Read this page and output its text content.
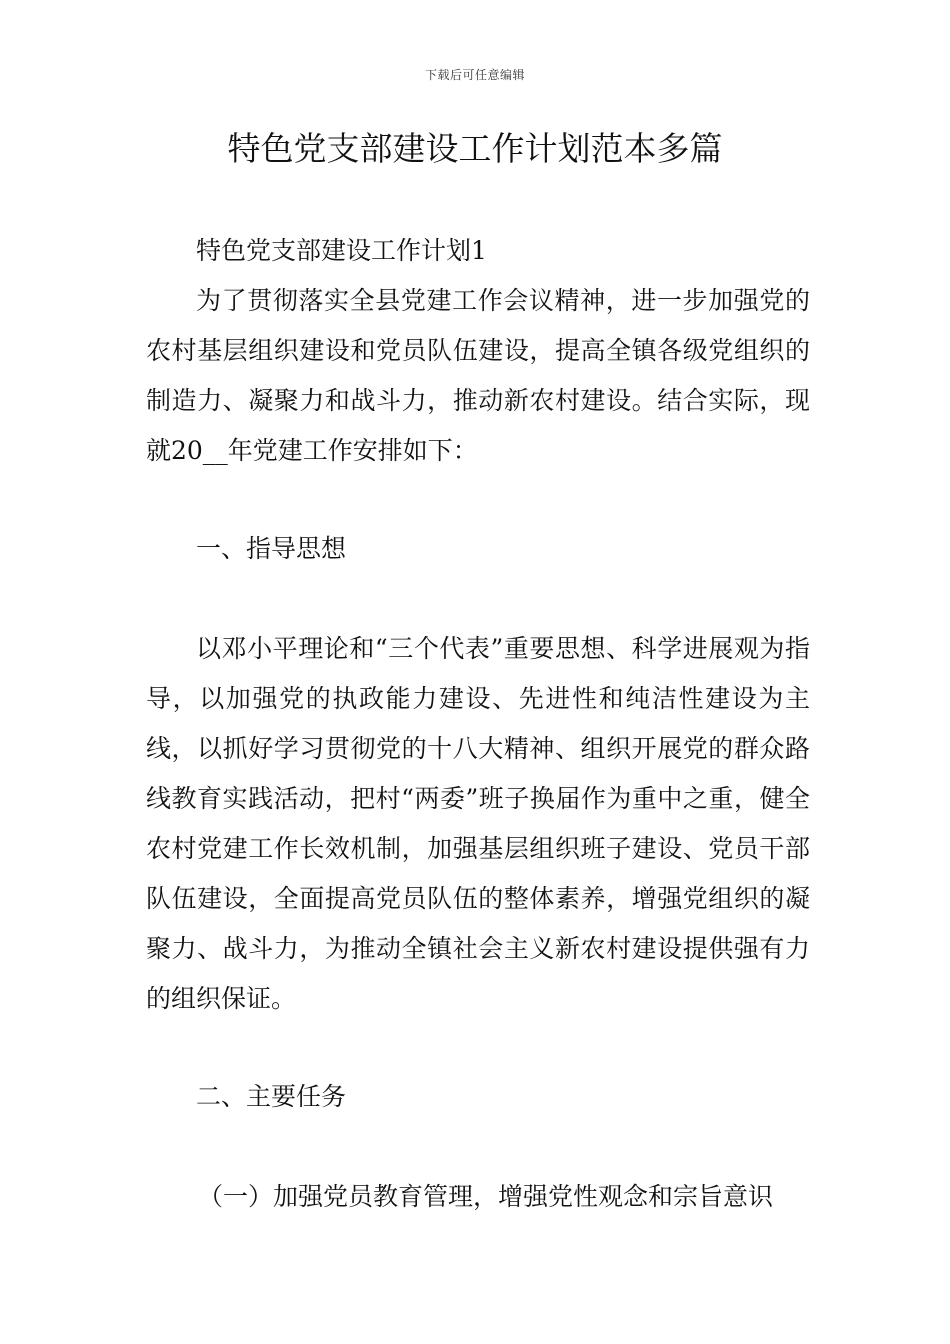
下载后可任意编辑
特色党支部建设工作计划范本多篇

特色党支部建设工作计划1

为了贯彻落实全县党建工作会议精神，进一步加强党的农村基层组织建设和党员队伍建设，提高全镇各级党组织的制造力、凝聚力和战斗力，推动新农村建设。结合实际，现就20__年党建工作安排如下：

一、指导思想

以邓小平理论和“三个代表”重要思想、科学进展观为指导，以加强党的执政能力建设、先进性和纯洁性建设为主线，以抓好学习贯彻党的十八大精神、组织开展党的群众路线教育实践活动，把村“两委”班子换届作为重中之重，健全农村党建工作长效机制，加强基层组织班子建设、党员干部队伍建设，全面提高党员队伍的整体素养，增强党组织的凝聚力、战斗力，为推动全镇社会主义新农村建设提供强有力的组织保证。

二、主要任务

（一）加强党员教育管理，增强党性观念和宗旨意识
